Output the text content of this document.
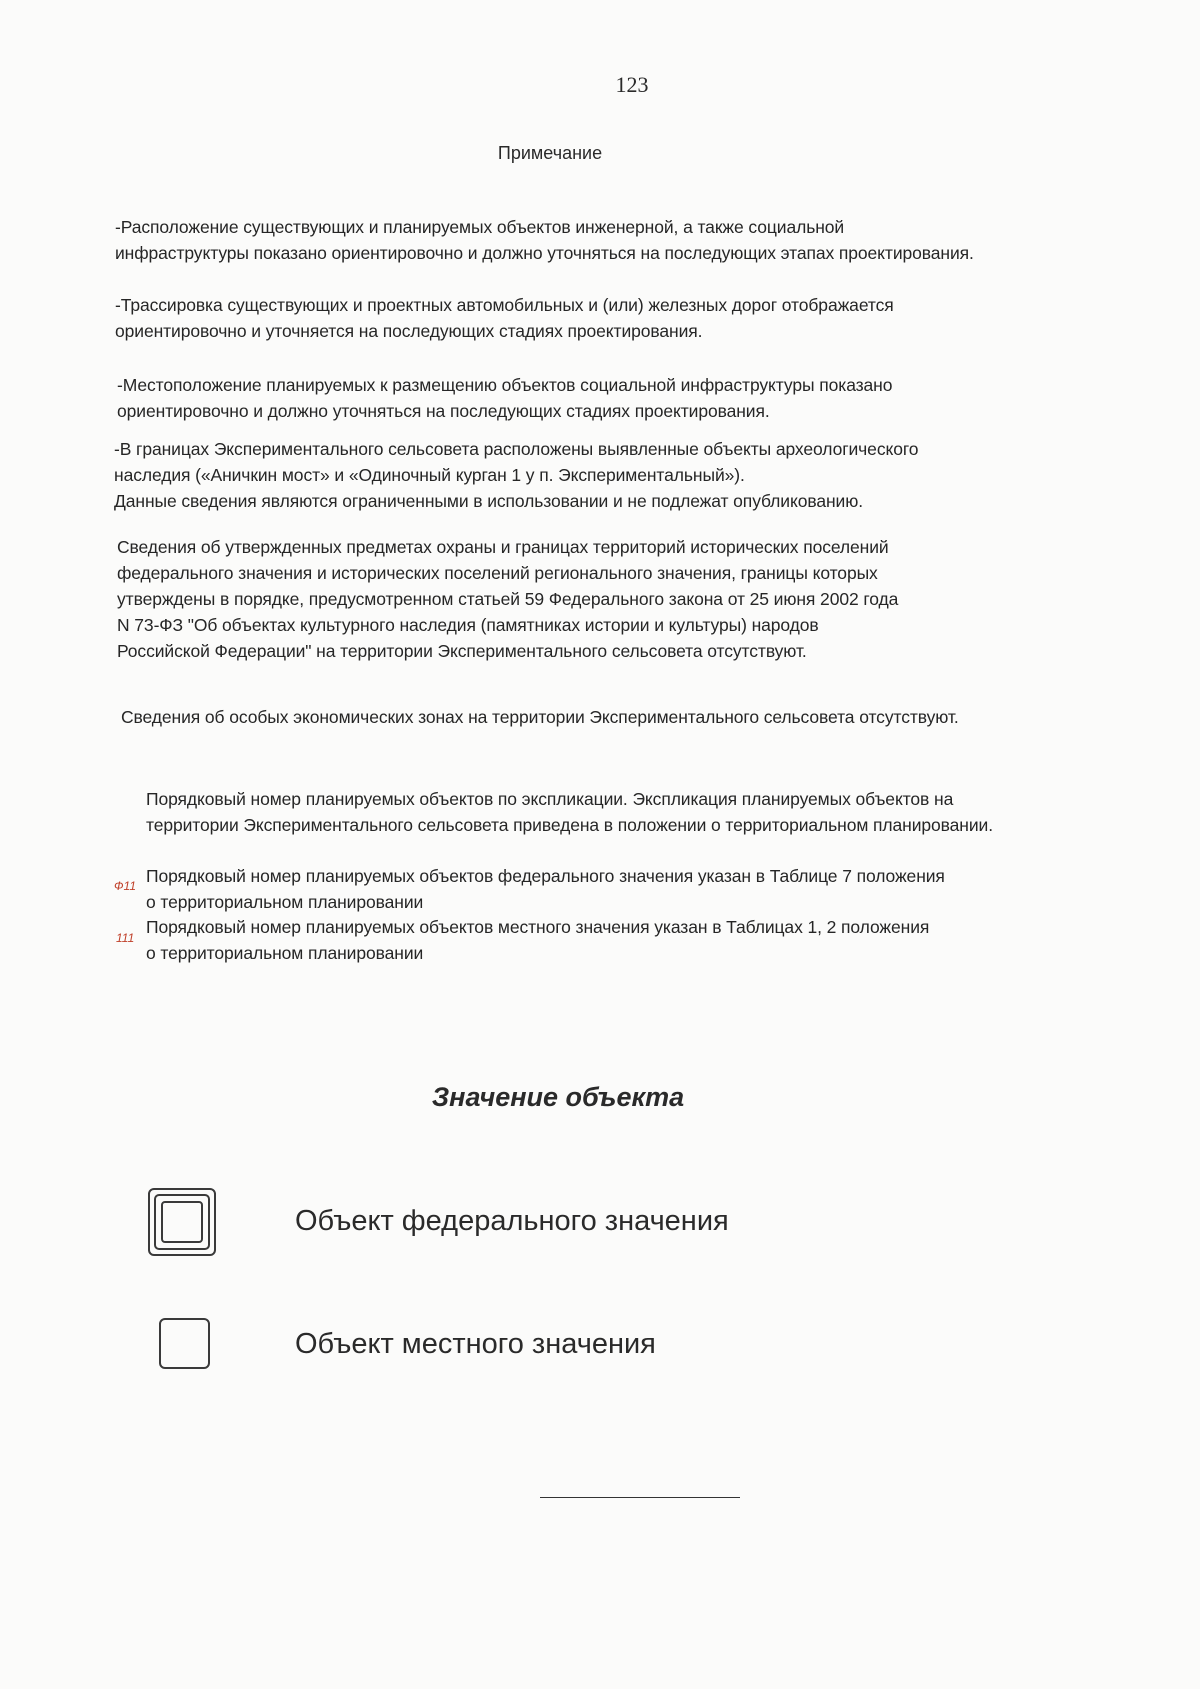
123
Примечание
-Расположение существующих и планируемых объектов инженерной, а также социальной
инфраструктуры показано ориентировочно и должно уточняться на последующих этапах проектирования.
-Трассировка существующих и проектных автомобильных и (или) железных дорог отображается
ориентировочно и уточняется на последующих стадиях проектирования.
-Местоположение планируемых к размещению объектов социальной инфраструктуры показано
ориентировочно и должно уточняться на последующих стадиях проектирования.
-В границах Экспериментального сельсовета расположены выявленные объекты археологического
наследия («Аничкин мост» и «Одиночный курган 1 у п. Экспериментальный»).
Данные сведения являются ограниченными в использовании и не подлежат опубликованию.
Сведения об утвержденных предметах охраны и границах территорий исторических поселений
федерального значения и исторических поселений регионального значения, границы которых
утверждены в порядке, предусмотренном статьей 59 Федерального закона от 25 июня 2002 года
N 73-ФЗ "Об объектах культурного наследия (памятниках истории и культуры) народов
Российской Федерации" на территории Экспериментального сельсовета отсутствуют.
Сведения об особых экономических зонах на территории Экспериментального сельсовета отсутствуют.
Порядковый номер планируемых объектов по экспликации. Экспликация планируемых объектов на
территории Экспериментального сельсовета приведена в положении о территориальном планировании.
Ф11 Порядковый номер планируемых объектов федерального значения указан в Таблице 7 положения
о территориальном планировании
111
Порядковый номер планируемых объектов местного значения указан в Таблицах 1, 2 положения
о территориальном планировании
Значение объекта
Объект федерального значения
Объект местного значения
